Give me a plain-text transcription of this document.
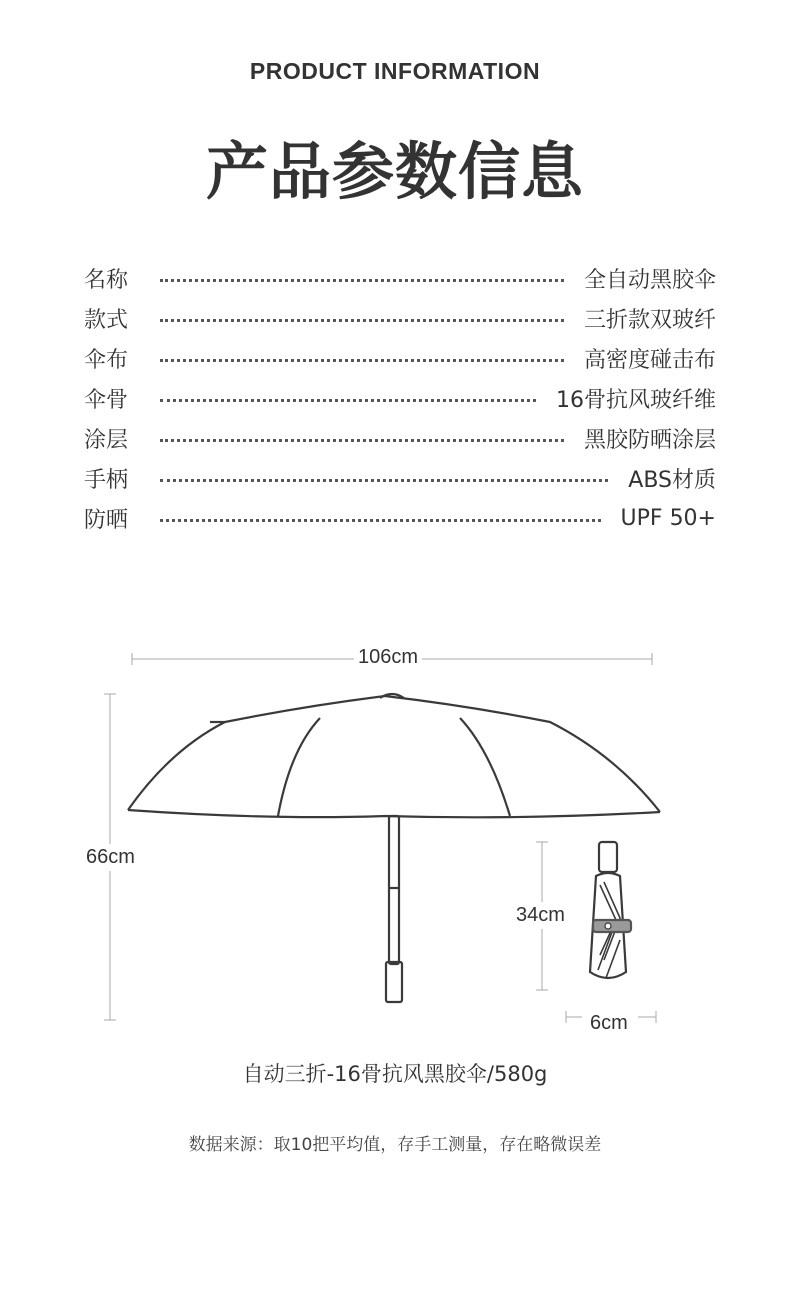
PRODUCT INFORMATION
产品参数信息
名称	全自动黑胶伞
款式	三折款双玻纤
伞布	高密度碰击布
伞骨	16骨抗风玻纤维
涂层	黑胶防晒涂层
手柄	ABS材质
防晒	UPF 50+
106cm
66cm
34cm
6cm
自动三折-16骨抗风黑胶伞/580g
数据来源：取10把平均值，存手工测量，存在略微误差
